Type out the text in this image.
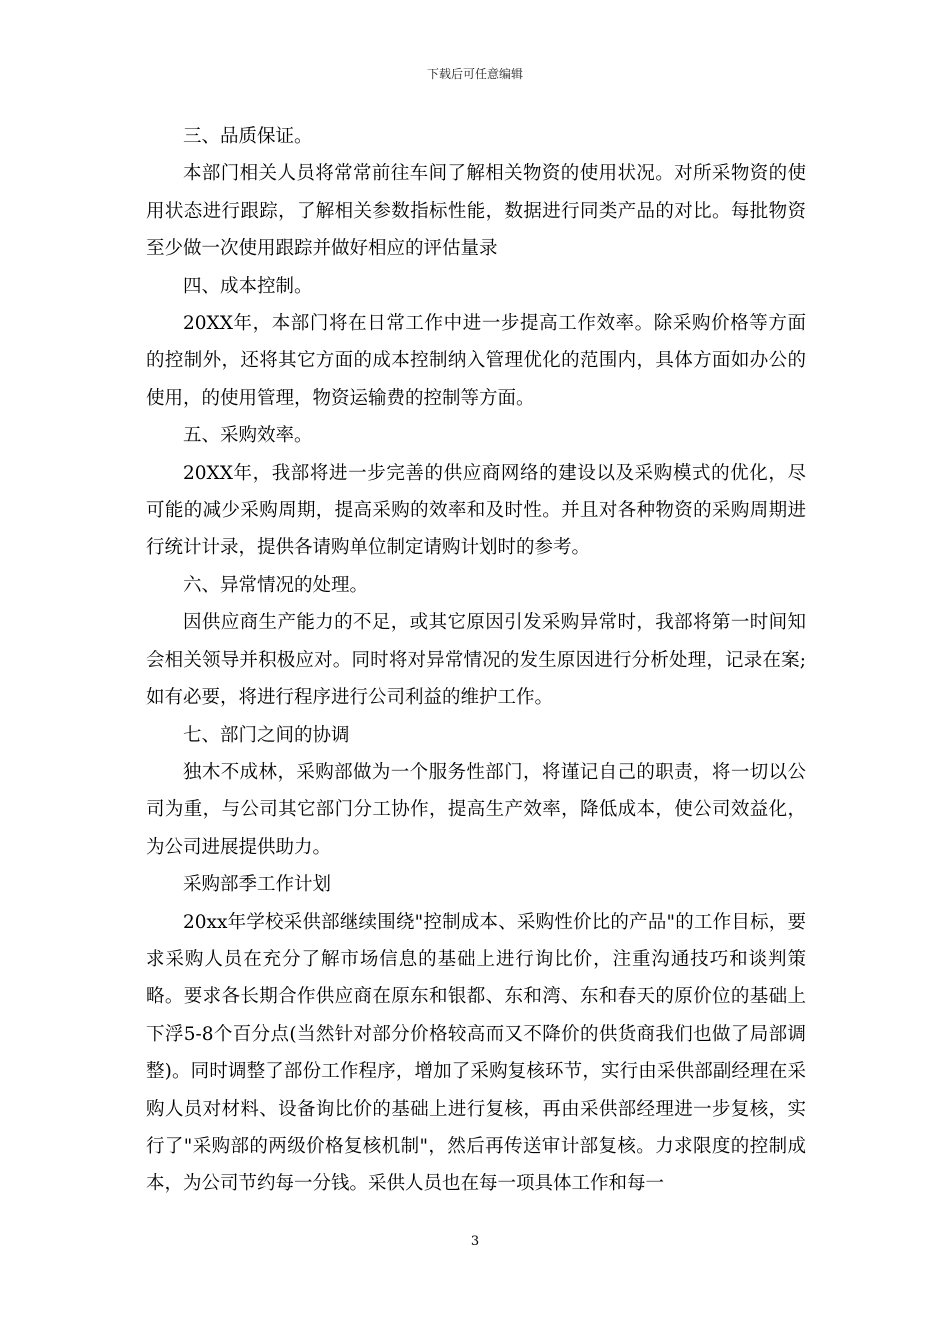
下载后可任意编辑

三、品质保证。

本部门相关人员将常常前往车间了解相关物资的使用状况。对所采物资的使用状态进行跟踪，了解相关参数指标性能，数据进行同类产品的对比。每批物资至少做一次使用跟踪并做好相应的评估量录

四、成本控制。

20XX年，本部门将在日常工作中进一步提高工作效率。除采购价格等方面的控制外，还将其它方面的成本控制纳入管理优化的范围内，具体方面如办公的使用，的使用管理，物资运输费的控制等方面。

五、采购效率。

20XX年，我部将进一步完善的供应商网络的建设以及采购模式的优化，尽可能的减少采购周期，提高采购的效率和及时性。并且对各种物资的采购周期进行统计计录，提供各请购单位制定请购计划时的参考。

六、异常情况的处理。

因供应商生产能力的不足，或其它原因引发采购异常时，我部将第一时间知会相关领导并积极应对。同时将对异常情况的发生原因进行分析处理，记录在案;如有必要，将进行程序进行公司利益的维护工作。

七、部门之间的协调

独木不成林，采购部做为一个服务性部门，将谨记自己的职责，将一切以公司为重，与公司其它部门分工协作，提高生产效率，降低成本，使公司效益化，为公司进展提供助力。

采购部季工作计划

20xx年学校采供部继续围绕"控制成本、采购性价比的产品"的工作目标，要求采购人员在充分了解市场信息的基础上进行询比价，注重沟通技巧和谈判策略。要求各长期合作供应商在原东和银都、东和湾、东和春天的原价位的基础上下浮5-8个百分点(当然针对部分价格较高而又不降价的供货商我们也做了局部调整)。同时调整了部份工作程序，增加了采购复核环节，实行由采供部副经理在采购人员对材料、设备询比价的基础上进行复核，再由采供部经理进一步复核，实行了"采购部的两级价格复核机制"，然后再传送审计部复核。力求限度的控制成本，为公司节约每一分钱。采供人员也在每一项具体工作和每一

3
